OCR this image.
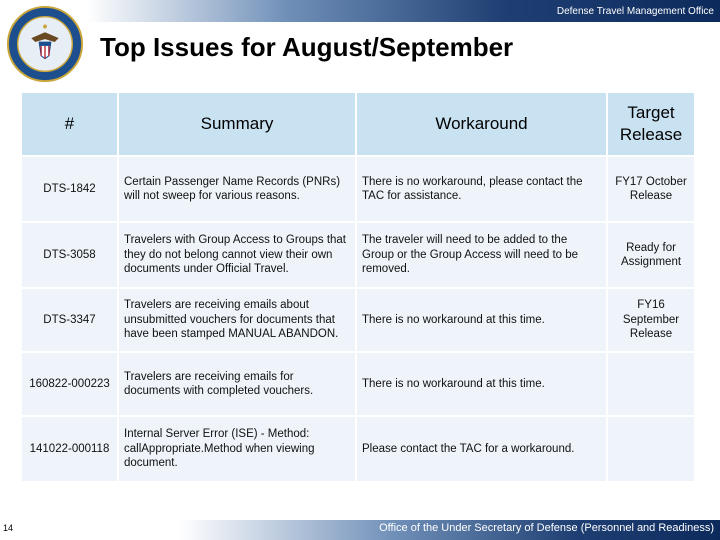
Defense Travel Management Office
Top Issues for August/September
#	Summary	Workaround	Target Release
DTS-1842	Certain Passenger Name Records (PNRs) will not sweep for various reasons.	There is no workaround, please contact the TAC for assistance.	FY17 October Release
DTS-3058	Travelers with Group Access to Groups that they do not belong cannot view their own documents under Official Travel.	The traveler will need to be added to the Group or the Group Access will need to be removed.	Ready for Assignment
DTS-3347	Travelers are receiving emails about unsubmitted vouchers for documents that have been stamped MANUAL ABANDON.	There is no workaround at this time.	FY16 September Release
160822-000223	Travelers are receiving emails for documents with completed vouchers.	There is no workaround at this time.	
141022-000118	Internal Server Error (ISE) - Method: callAppropriate.Method when viewing document.	Please contact the TAC for a workaround.	
14	Office of the Under Secretary of Defense (Personnel and Readiness)
